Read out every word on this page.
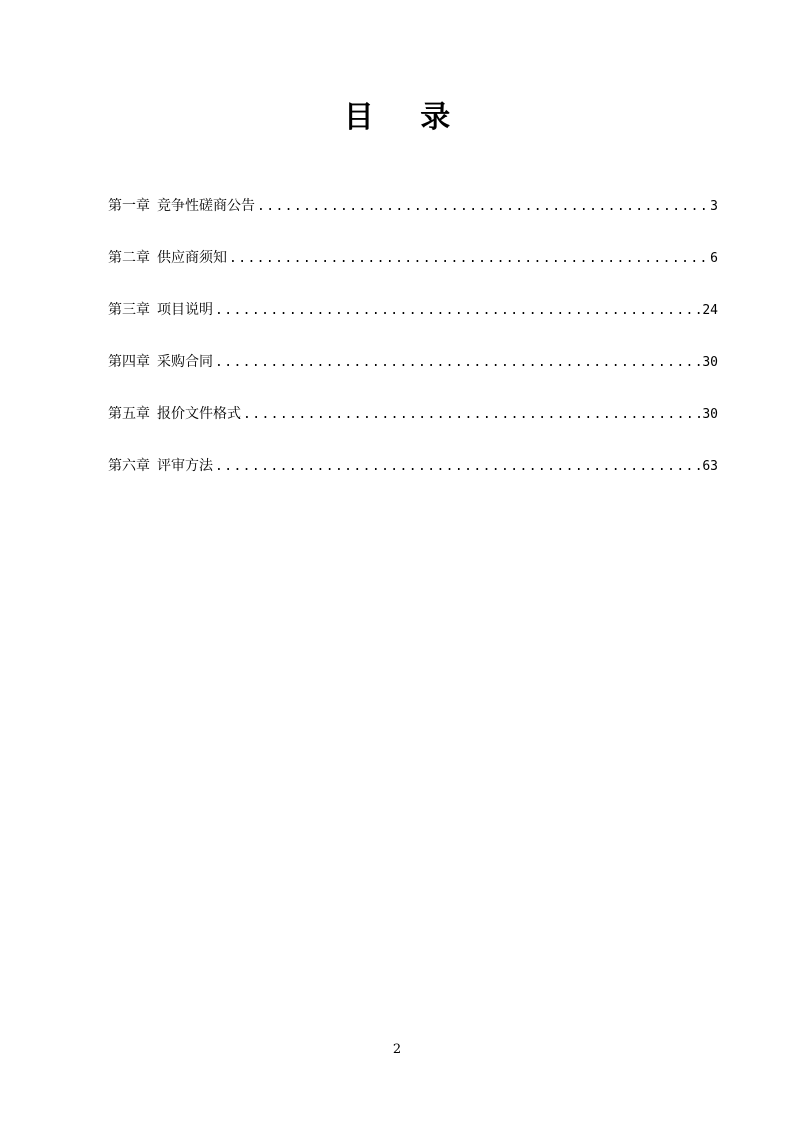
目 录
第一章 竞争性磋商公告 .....	3
第二章 供应商须知 .....	6
第三章 项目说明 .....	24
第四章 采购合同 .....	30
第五章 报价文件格式 .....	30
第六章 评审方法 .....	63
2
